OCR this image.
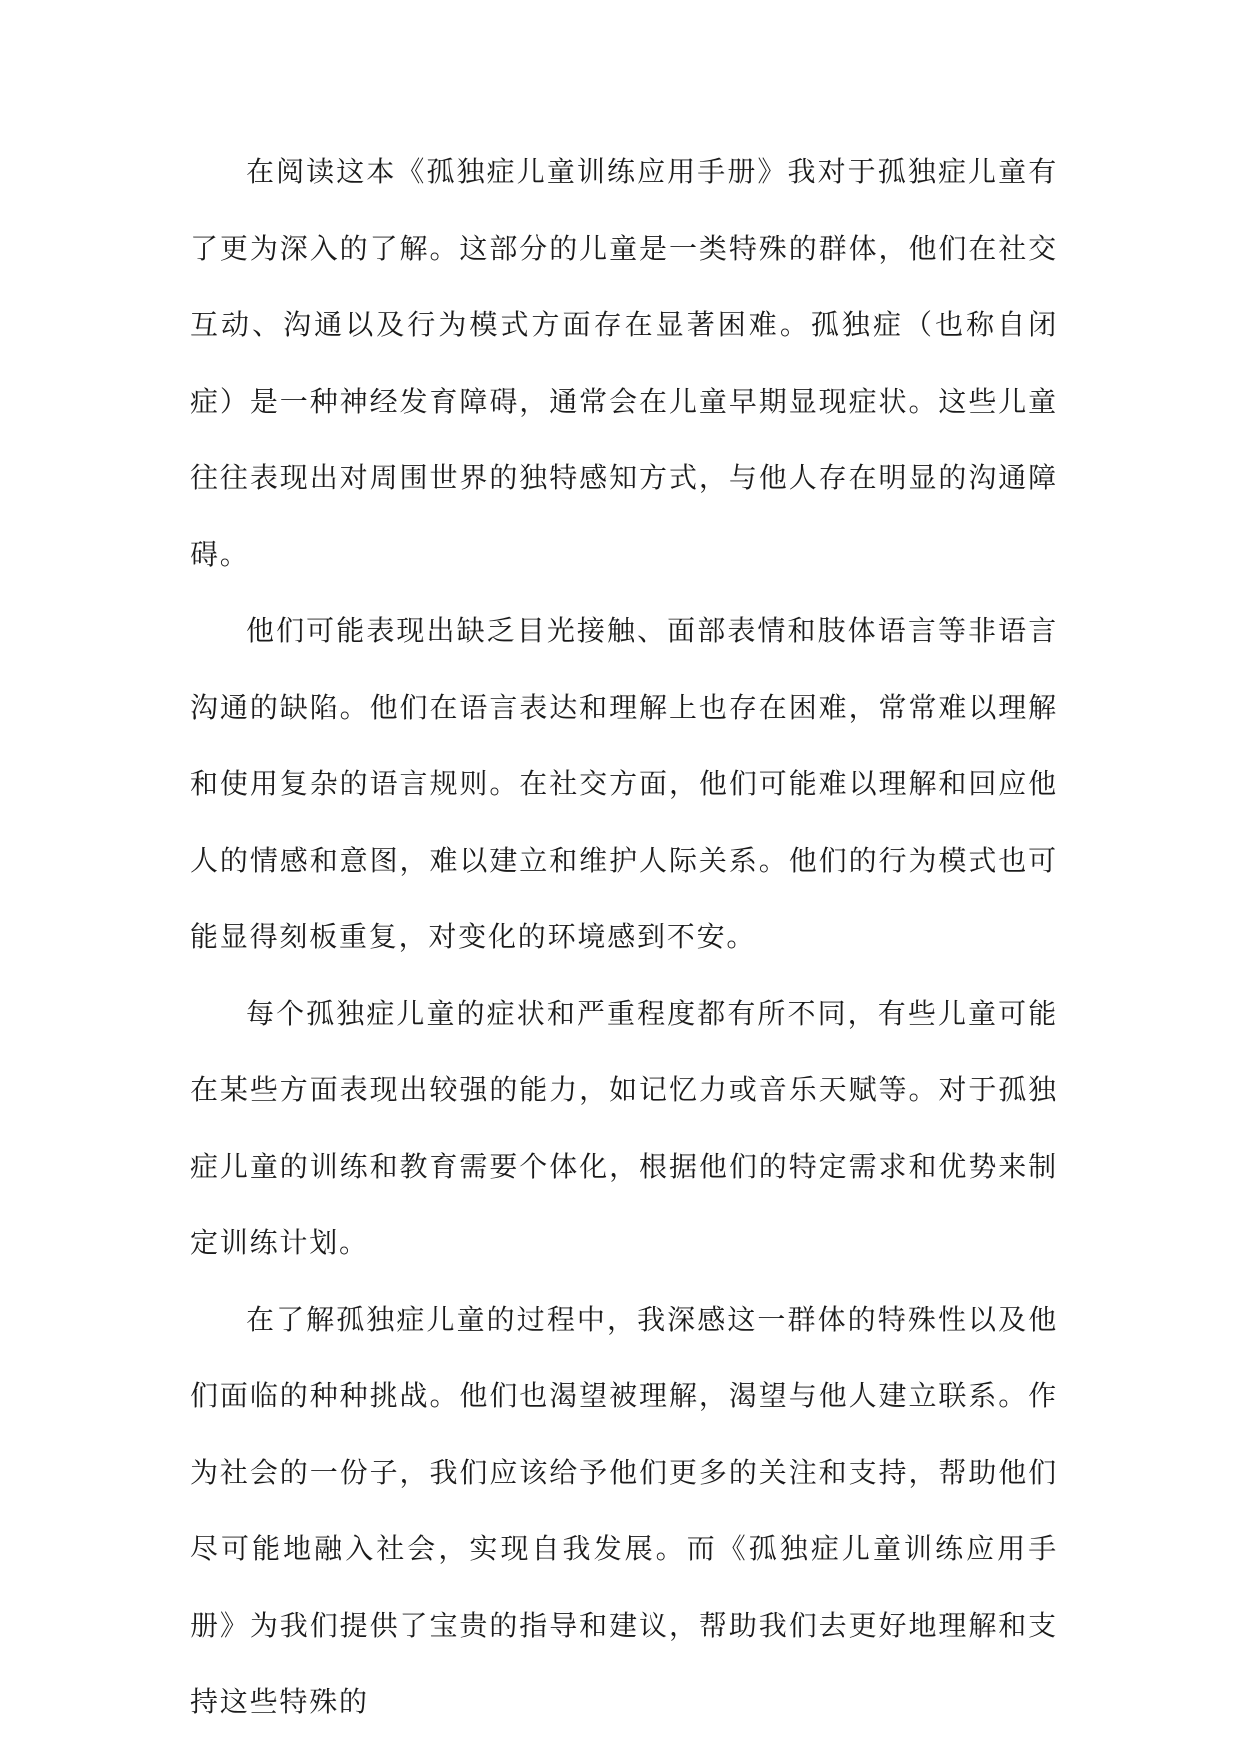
在阅读这本《孤独症儿童训练应用手册》我对于孤独症儿童有了更为深入的了解。这部分的儿童是一类特殊的群体，他们在社交互动、沟通以及行为模式方面存在显著困难。孤独症（也称自闭症）是一种神经发育障碍，通常会在儿童早期显现症状。这些儿童往往表现出对周围世界的独特感知方式，与他人存在明显的沟通障碍。

他们可能表现出缺乏目光接触、面部表情和肢体语言等非语言沟通的缺陷。他们在语言表达和理解上也存在困难，常常难以理解和使用复杂的语言规则。在社交方面，他们可能难以理解和回应他人的情感和意图，难以建立和维护人际关系。他们的行为模式也可能显得刻板重复，对变化的环境感到不安。

每个孤独症儿童的症状和严重程度都有所不同，有些儿童可能在某些方面表现出较强的能力，如记忆力或音乐天赋等。对于孤独症儿童的训练和教育需要个体化，根据他们的特定需求和优势来制定训练计划。

在了解孤独症儿童的过程中，我深感这一群体的特殊性以及他们面临的种种挑战。他们也渴望被理解，渴望与他人建立联系。作为社会的一份子，我们应该给予他们更多的关注和支持，帮助他们尽可能地融入社会，实现自我发展。而《孤独症儿童训练应用手册》为我们提供了宝贵的指导和建议，帮助我们去更好地理解和支持这些特殊的
